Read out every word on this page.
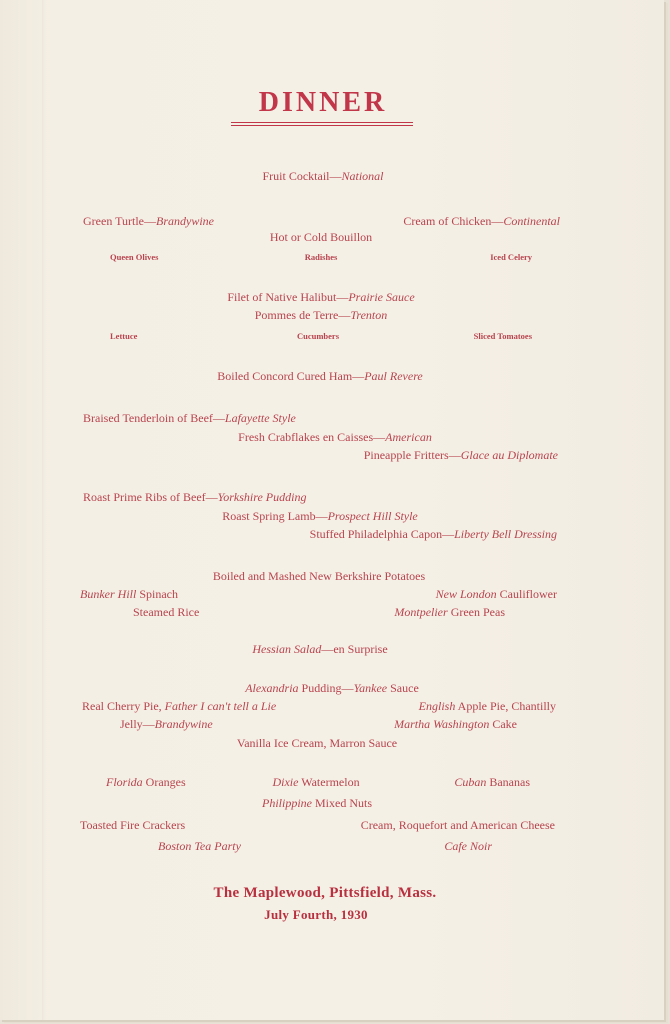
DINNER
Fruit Cocktail—National
Green Turtle—Brandywine	Cream of Chicken—Continental
Hot or Cold Bouillon
Queen Olives	Radishes	Iced Celery
Filet of Native Halibut—Prairie Sauce
Pommes de Terre—Trenton
Lettuce	Cucumbers	Sliced Tomatoes
Boiled Concord Cured Ham—Paul Revere
Braised Tenderloin of Beef—Lafayette Style
Fresh Crabflakes en Caisses—American
Pineapple Fritters—Glace au Diplomate
Roast Prime Ribs of Beef—Yorkshire Pudding
Roast Spring Lamb—Prospect Hill Style
Stuffed Philadelphia Capon—Liberty Bell Dressing
Boiled and Mashed New Berkshire Potatoes
Bunker Hill Spinach	New London Cauliflower
Steamed Rice	Montpelier Green Peas
Hessian Salad—en Surprise
Alexandria Pudding—Yankee Sauce
Real Cherry Pie, Father I can't tell a Lie	English Apple Pie, Chantilly
Jelly—Brandywine	Martha Washington Cake
Vanilla Ice Cream, Marron Sauce
Florida Oranges	Dixie Watermelon	Cuban Bananas
Philippine Mixed Nuts
Toasted Fire Crackers	Cream, Roquefort and American Cheese
Boston Tea Party	Cafe Noir
The Maplewood, Pittsfield, Mass.
July Fourth, 1930
